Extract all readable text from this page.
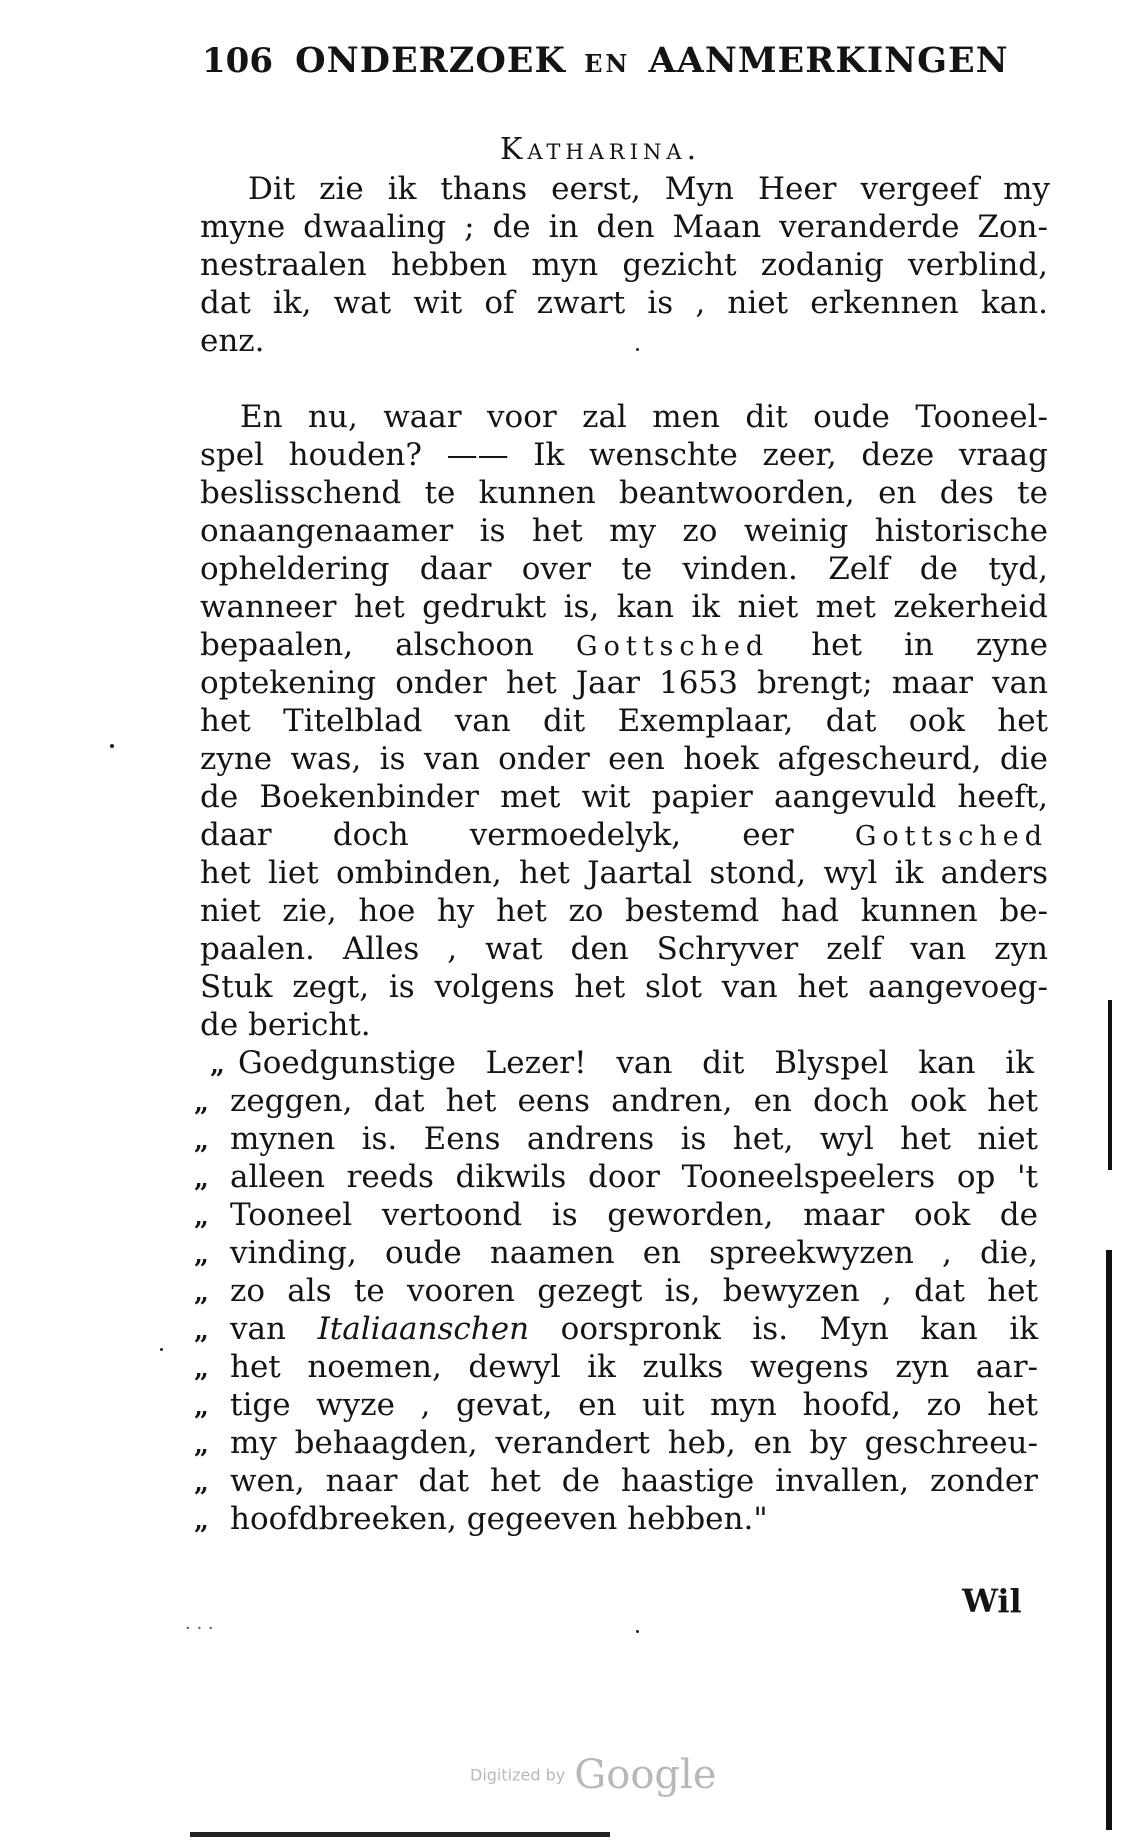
106 ONDERZOEK EN AANMERKINGEN
Katharina.
Dit zie ik thans eerst, Myn Heer vergeef my
myne dwaaling ; de in den Maan veranderde Zon-
nestraalen hebben myn gezicht zodanig verblind,
dat ik, wat wit of zwart is , niet erkennen kan.
enz.
En nu, waar voor zal men dit oude Tooneel-
spel houden? —— Ik wenschte zeer, deze vraag
beslisschend te kunnen beantwoorden, en des te
onaangenaamer is het my zo weinig historische
opheldering daar over te vinden. Zelf de tyd,
wanneer het gedrukt is, kan ik niet met zekerheid
bepaalen, alschoon Gottsched het in zyne
optekening onder het Jaar 1653 brengt; maar van
het Titelblad van dit Exemplaar, dat ook het
zyne was, is van onder een hoek afgescheurd, die
de Boekenbinder met wit papier aangevuld heeft,
daar doch vermoedelyk, eer Gottsched
het liet ombinden, het Jaartal stond, wyl ik anders
niet zie, hoe hy het zo bestemd had kunnen be-
paalen. Alles , wat den Schryver zelf van zyn
Stuk zegt, is volgens het slot van het aangevoeg-
de bericht.
„ Goedgunstige Lezer! van dit Blyspel kan ik
„ zeggen, dat het eens andren, en doch ook het
„ mynen is. Eens andrens is het, wyl het niet
„ alleen reeds dikwils door Tooneelspeelers op 't
„ Tooneel vertoond is geworden, maar ook de
„ vinding, oude naamen en spreekwyzen , die,
„ zo als te vooren gezegt is, bewyzen , dat het
„ van Italiaanschen oorspronk is. Myn kan ik
„ het noemen, dewyl ik zulks wegens zyn aar-
„ tige wyze , gevat, en uit myn hoofd, zo het
„ my behaagden, verandert heb, en by geschreeu-
„ wen, naar dat het de haastige invallen, zonder
„ hoofdbreeken, gegeeven hebben."
Wil
· · ·
Digitized by Google
